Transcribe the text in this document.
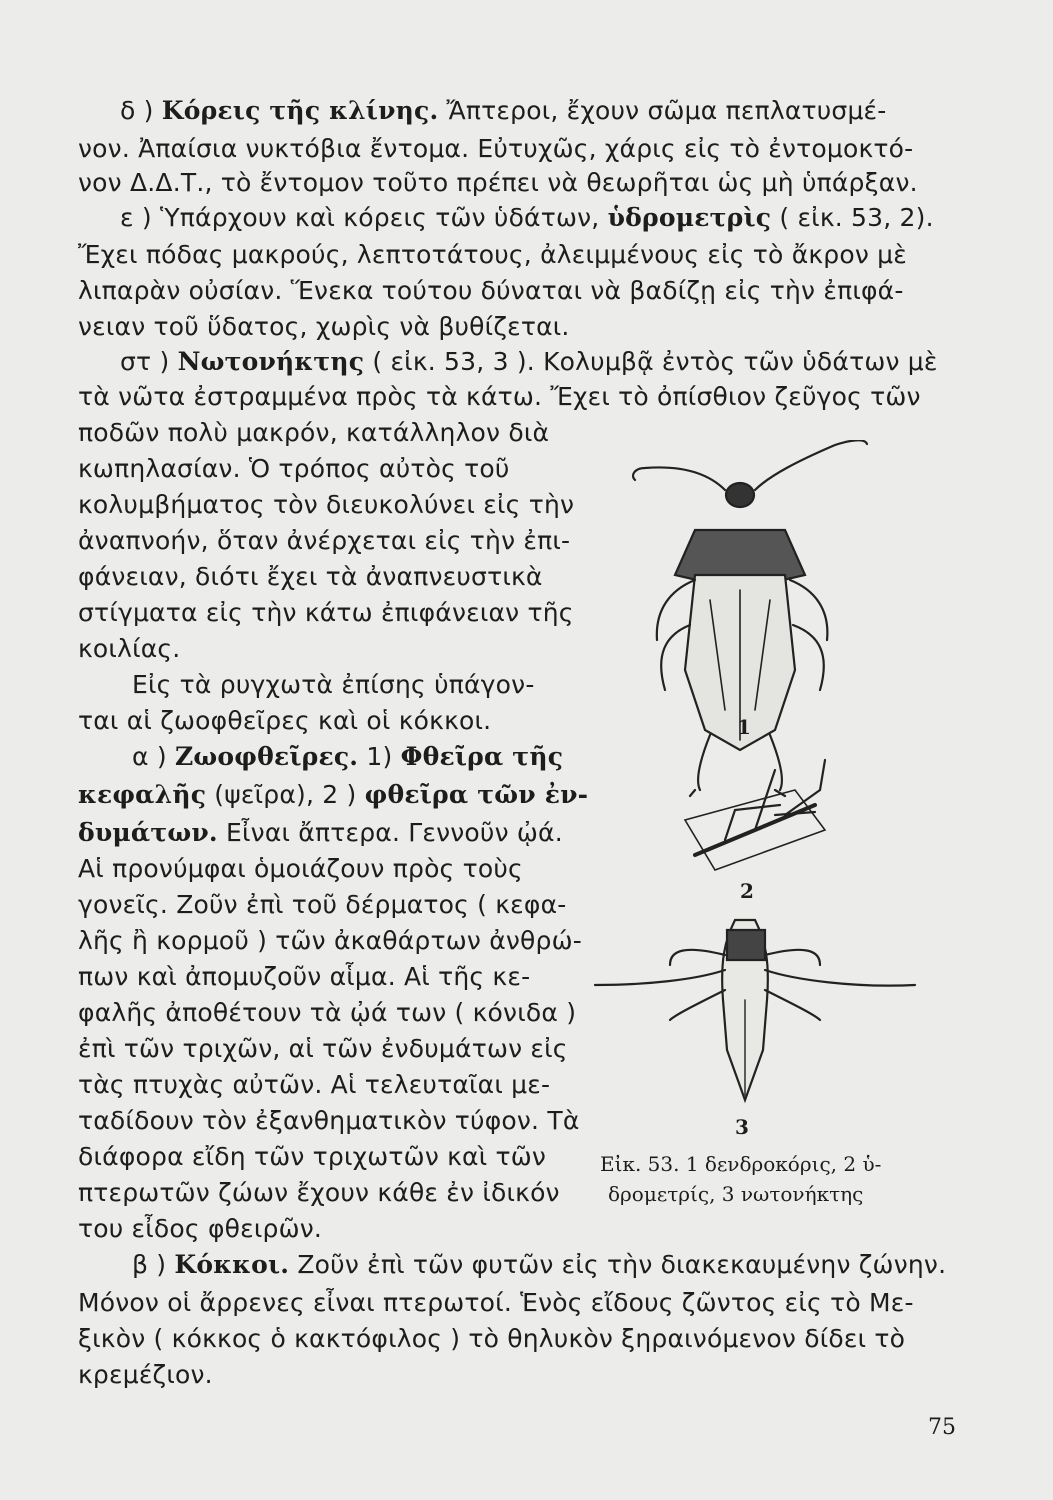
δ ) Κόρεις τῆς κλίνης. Ἄπτεροι, ἔχουν σῶμα πεπλατυσμέ-
νον. Ἀπαίσια νυκτόβια ἔντομα. Εὐτυχῶς, χάρις εἰς τὸ ἐντομοκτό-
νον Δ.Δ.Τ., τὸ ἔντομον τοῦτο πρέπει νὰ θεωρῆται ὡς μὴ ὑπάρξαν.
ε ) Ὑπάρχουν καὶ κόρεις τῶν ὑδάτων, ὑδρομετρὶς ( εἰκ. 53, 2).
Ἔχει πόδας μακρούς, λεπτοτάτους, ἀλειμμένους εἰς τὸ ἄκρον μὲ
λιπαρὰν οὐσίαν. Ἕνεκα τούτου δύναται νὰ βαδίζῃ εἰς τὴν ἐπιφά-
νειαν τοῦ ὕδατος, χωρὶς νὰ βυθίζεται.
στ ) Νωτονήκτης ( εἰκ. 53, 3 ). Κολυμβᾷ ἐντὸς τῶν ὑδάτων μὲ
τὰ νῶτα ἐστραμμένα πρὸς τὰ κάτω. Ἔχει τὸ ὀπίσθιον ζεῦγος τῶν
ποδῶν πολὺ μακρόν, κατάλληλον διὰ
κωπηλασίαν. Ὁ τρόπος αὐτὸς τοῦ
κολυμβήματος τὸν διευκολύνει εἰς τὴν
ἀναπνοήν, ὅταν ἀνέρχεται εἰς τὴν ἐπι-
φάνειαν, διότι ἔχει τὰ ἀναπνευστικὰ
στίγματα εἰς τὴν κάτω ἐπιφάνειαν τῆς
κοιλίας.
Εἰς τὰ ρυγχωτὰ ἐπίσης ὑπάγον-
ται αἱ ζωοφθεῖρες καὶ οἱ κόκκοι.
α ) Ζωοφθεῖρες. 1) Φθεῖρα τῆς
κεφαλῆς (ψεῖρα), 2 ) φθεῖρα τῶν ἐν-
δυμάτων. Εἶναι ἄπτερα. Γεννοῦν ᾠά.
Αἱ προνύμφαι ὁμοιάζουν πρὸς τοὺς
γονεῖς. Ζοῦν ἐπὶ τοῦ δέρματος ( κεφα-
λῆς ἢ κορμοῦ ) τῶν ἀκαθάρτων ἀνθρώ-
πων καὶ ἀπομυζοῦν αἷμα. Αἱ τῆς κε-
φαλῆς ἀποθέτουν τὰ ᾠά των ( κόνιδα )
ἐπὶ τῶν τριχῶν, αἱ τῶν ἐνδυμάτων εἰς
τὰς πτυχὰς αὐτῶν. Αἱ τελευταῖαι με-
ταδίδουν τὸν ἐξανθηματικὸν τύφον. Τὰ
διάφορα εἴδη τῶν τριχωτῶν καὶ τῶν
πτερωτῶν ζώων ἔχουν κάθε ἐν ἰδικόν
του εἶδος φθειρῶν.
β ) Κόκκοι. Ζοῦν ἐπὶ τῶν φυτῶν εἰς τὴν διακεκαυμένην ζώνην.
Μόνον οἱ ἄρρενες εἶναι πτερωτοί. Ἑνὸς εἴδους ζῶντος εἰς τὸ Με-
ξικὸν ( κόκκος ὁ κακτόφιλος ) τὸ θηλυκὸν ξηραινόμενον δίδει τὸ
κρεμέζιον.
1
2
3
Εἰκ. 53. 1 δενδροκόρις, 2 ὑ-
δρομετρίς, 3 νωτονήκτης
75
